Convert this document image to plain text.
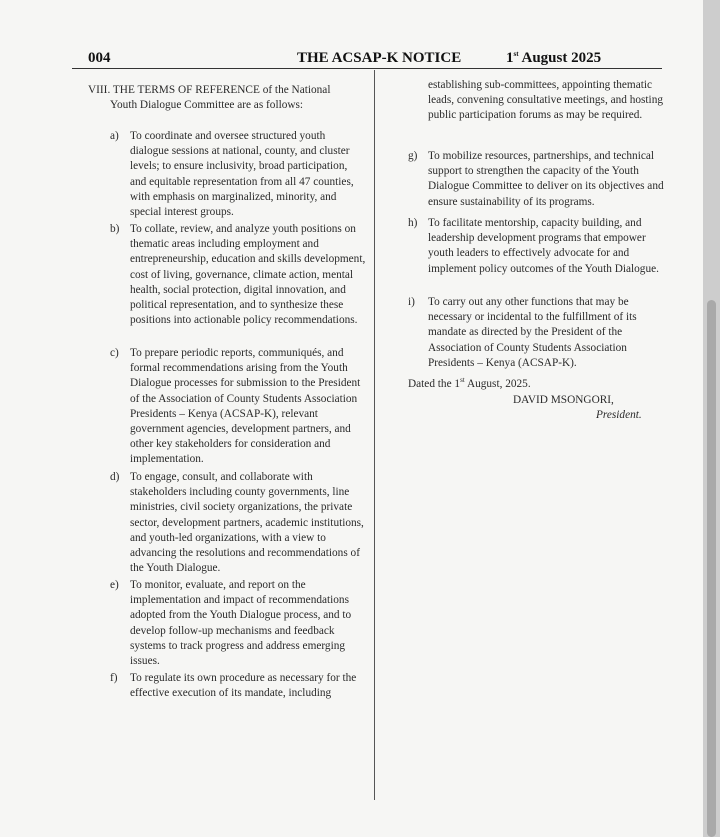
004	THE ACSAP-K NOTICE	1st August 2025
VIII. THE TERMS OF REFERENCE of the National Youth Dialogue Committee are as follows:
a) To coordinate and oversee structured youth dialogue sessions at national, county, and cluster levels; to ensure inclusivity, broad participation, and equitable representation from all 47 counties, with emphasis on marginalized, minority, and special interest groups.
b) To collate, review, and analyze youth positions on thematic areas including employment and entrepreneurship, education and skills development, cost of living, governance, climate action, mental health, social protection, digital innovation, and political representation, and to synthesize these positions into actionable policy recommendations.
c) To prepare periodic reports, communiqués, and formal recommendations arising from the Youth Dialogue processes for submission to the President of the Association of County Students Association Presidents – Kenya (ACSAP-K), relevant government agencies, development partners, and other key stakeholders for consideration and implementation.
d) To engage, consult, and collaborate with stakeholders including county governments, line ministries, civil society organizations, the private sector, development partners, academic institutions, and youth-led organizations, with a view to advancing the resolutions and recommendations of the Youth Dialogue.
e) To monitor, evaluate, and report on the implementation and impact of recommendations adopted from the Youth Dialogue process, and to develop follow-up mechanisms and feedback systems to track progress and address emerging issues.
f) To regulate its own procedure as necessary for the effective execution of its mandate, including
establishing sub-committees, appointing thematic leads, convening consultative meetings, and hosting public participation forums as may be required.
g) To mobilize resources, partnerships, and technical support to strengthen the capacity of the Youth Dialogue Committee to deliver on its objectives and ensure sustainability of its programs.
h) To facilitate mentorship, capacity building, and leadership development programs that empower youth leaders to effectively advocate for and implement policy outcomes of the Youth Dialogue.
i) To carry out any other functions that may be necessary or incidental to the fulfillment of its mandate as directed by the President of the Association of County Students Association Presidents – Kenya (ACSAP-K).
Dated the 1st August, 2025.
DAVID MSONGORI,
President.
